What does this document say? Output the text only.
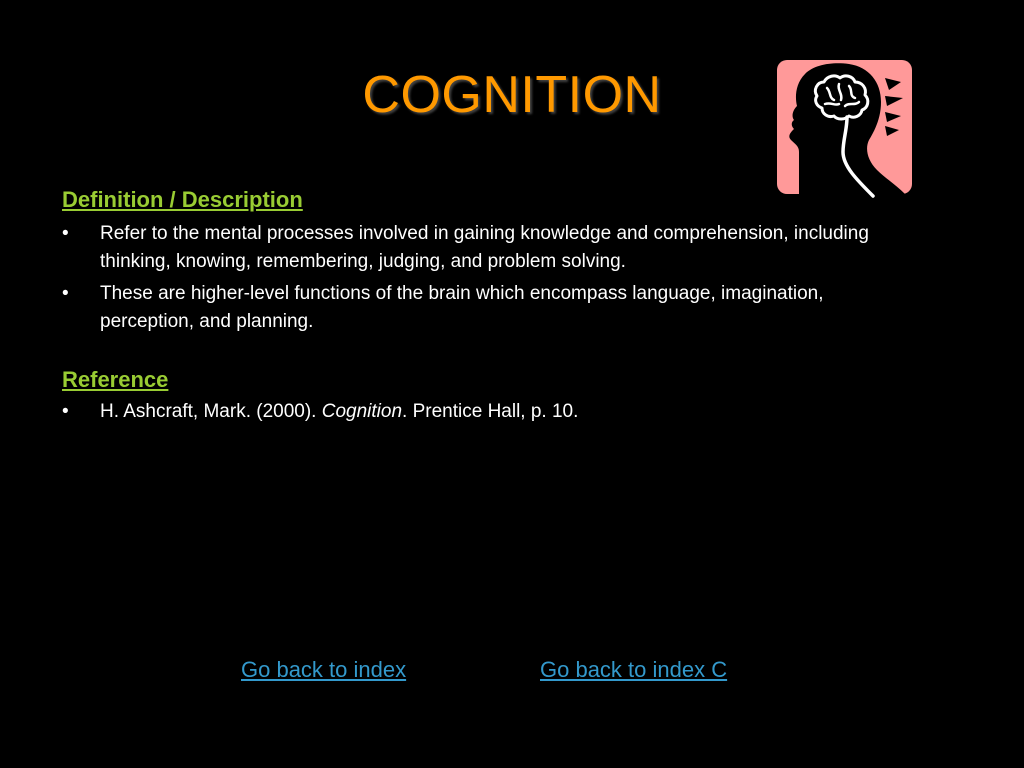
COGNITION
Definition / Description
• Refer to the mental processes involved in gaining knowledge and comprehension, including thinking, knowing, remembering, judging, and problem solving.
• These are higher-level functions of the brain which encompass language, imagination, perception, and planning.
Reference
• H. Ashcraft, Mark. (2000). Cognition. Prentice Hall, p. 10.
Go back to index	Go back to index C
